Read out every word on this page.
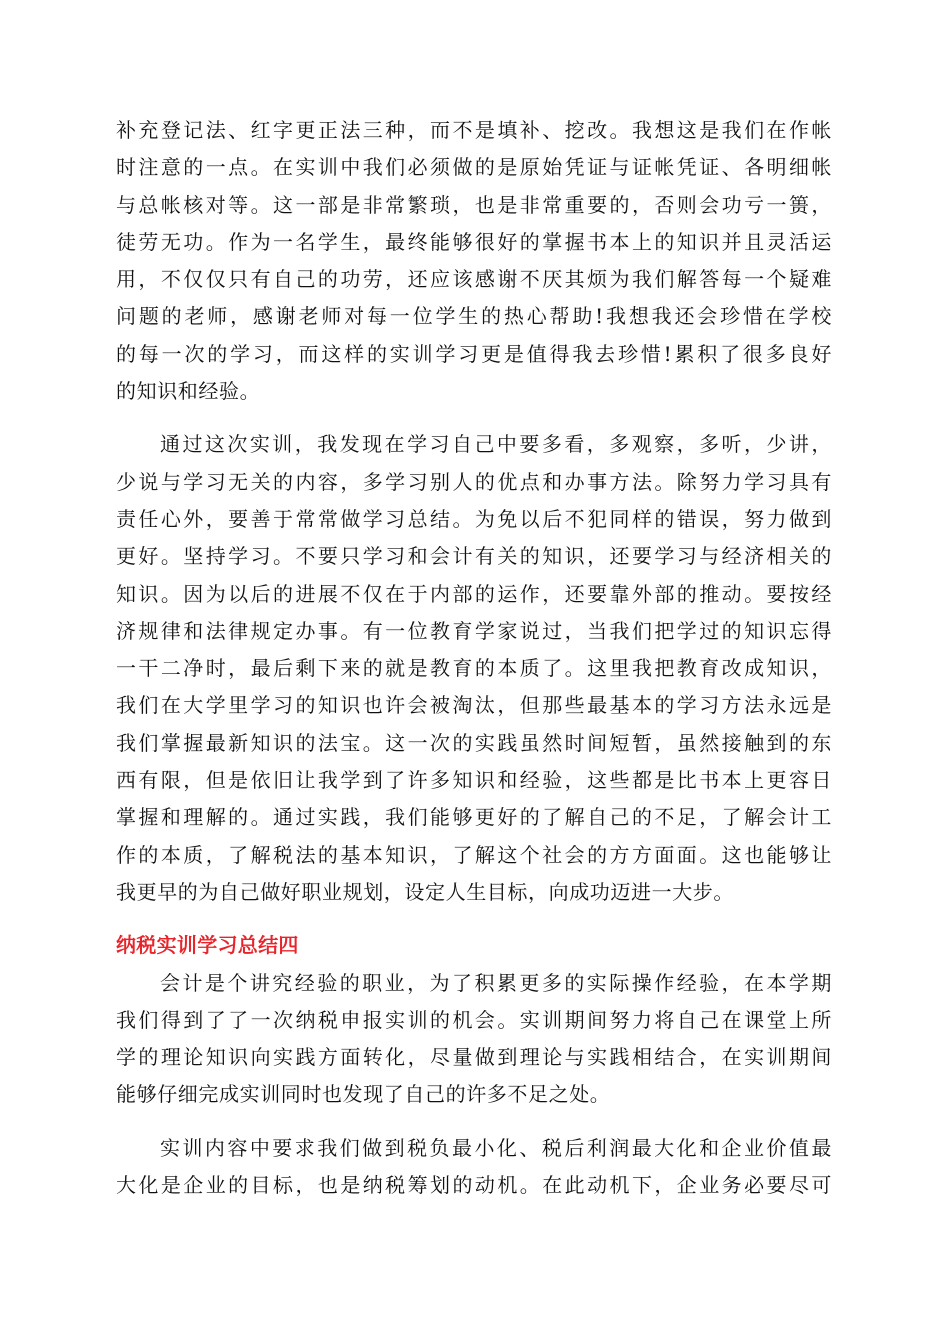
补充登记法、红字更正法三种，而不是填补、挖改。我想这是我们在作帐
时注意的一点。在实训中我们必须做的是原始凭证与证帐凭证、各明细帐
与总帐核对等。这一部是非常繁琐，也是非常重要的，否则会功亏一篑，
徒劳无功。作为一名学生，最终能够很好的掌握书本上的知识并且灵活运
用，不仅仅只有自己的功劳，还应该感谢不厌其烦为我们解答每一个疑难
问题的老师，感谢老师对每一位学生的热心帮助!我想我还会珍惜在学校
的每一次的学习，而这样的实训学习更是值得我去珍惜!累积了很多良好
的知识和经验。

通过这次实训，我发现在学习自己中要多看，多观察，多听，少讲，
少说与学习无关的内容，多学习别人的优点和办事方法。除努力学习具有
责任心外，要善于常常做学习总结。为免以后不犯同样的错误，努力做到
更好。坚持学习。不要只学习和会计有关的知识，还要学习与经济相关的
知识。因为以后的进展不仅在于内部的运作，还要靠外部的推动。要按经
济规律和法律规定办事。有一位教育学家说过，当我们把学过的知识忘得
一干二净时，最后剩下来的就是教育的本质了。这里我把教育改成知识，
我们在大学里学习的知识也许会被淘汰，但那些最基本的学习方法永远是
我们掌握最新知识的法宝。这一次的实践虽然时间短暂，虽然接触到的东
西有限，但是依旧让我学到了许多知识和经验，这些都是比书本上更容日
掌握和理解的。通过实践，我们能够更好的了解自己的不足，了解会计工
作的本质，了解税法的基本知识，了解这个社会的方方面面。这也能够让
我更早的为自己做好职业规划，设定人生目标，向成功迈进一大步。

纳税实训学习总结四

会计是个讲究经验的职业，为了积累更多的实际操作经验，在本学期
我们得到了了一次纳税申报实训的机会。实训期间努力将自己在课堂上所
学的理论知识向实践方面转化，尽量做到理论与实践相结合，在实训期间
能够仔细完成实训同时也发现了自己的许多不足之处。

实训内容中要求我们做到税负最小化、税后利润最大化和企业价值最
大化是企业的目标，也是纳税筹划的动机。在此动机下，企业务必要尽可
